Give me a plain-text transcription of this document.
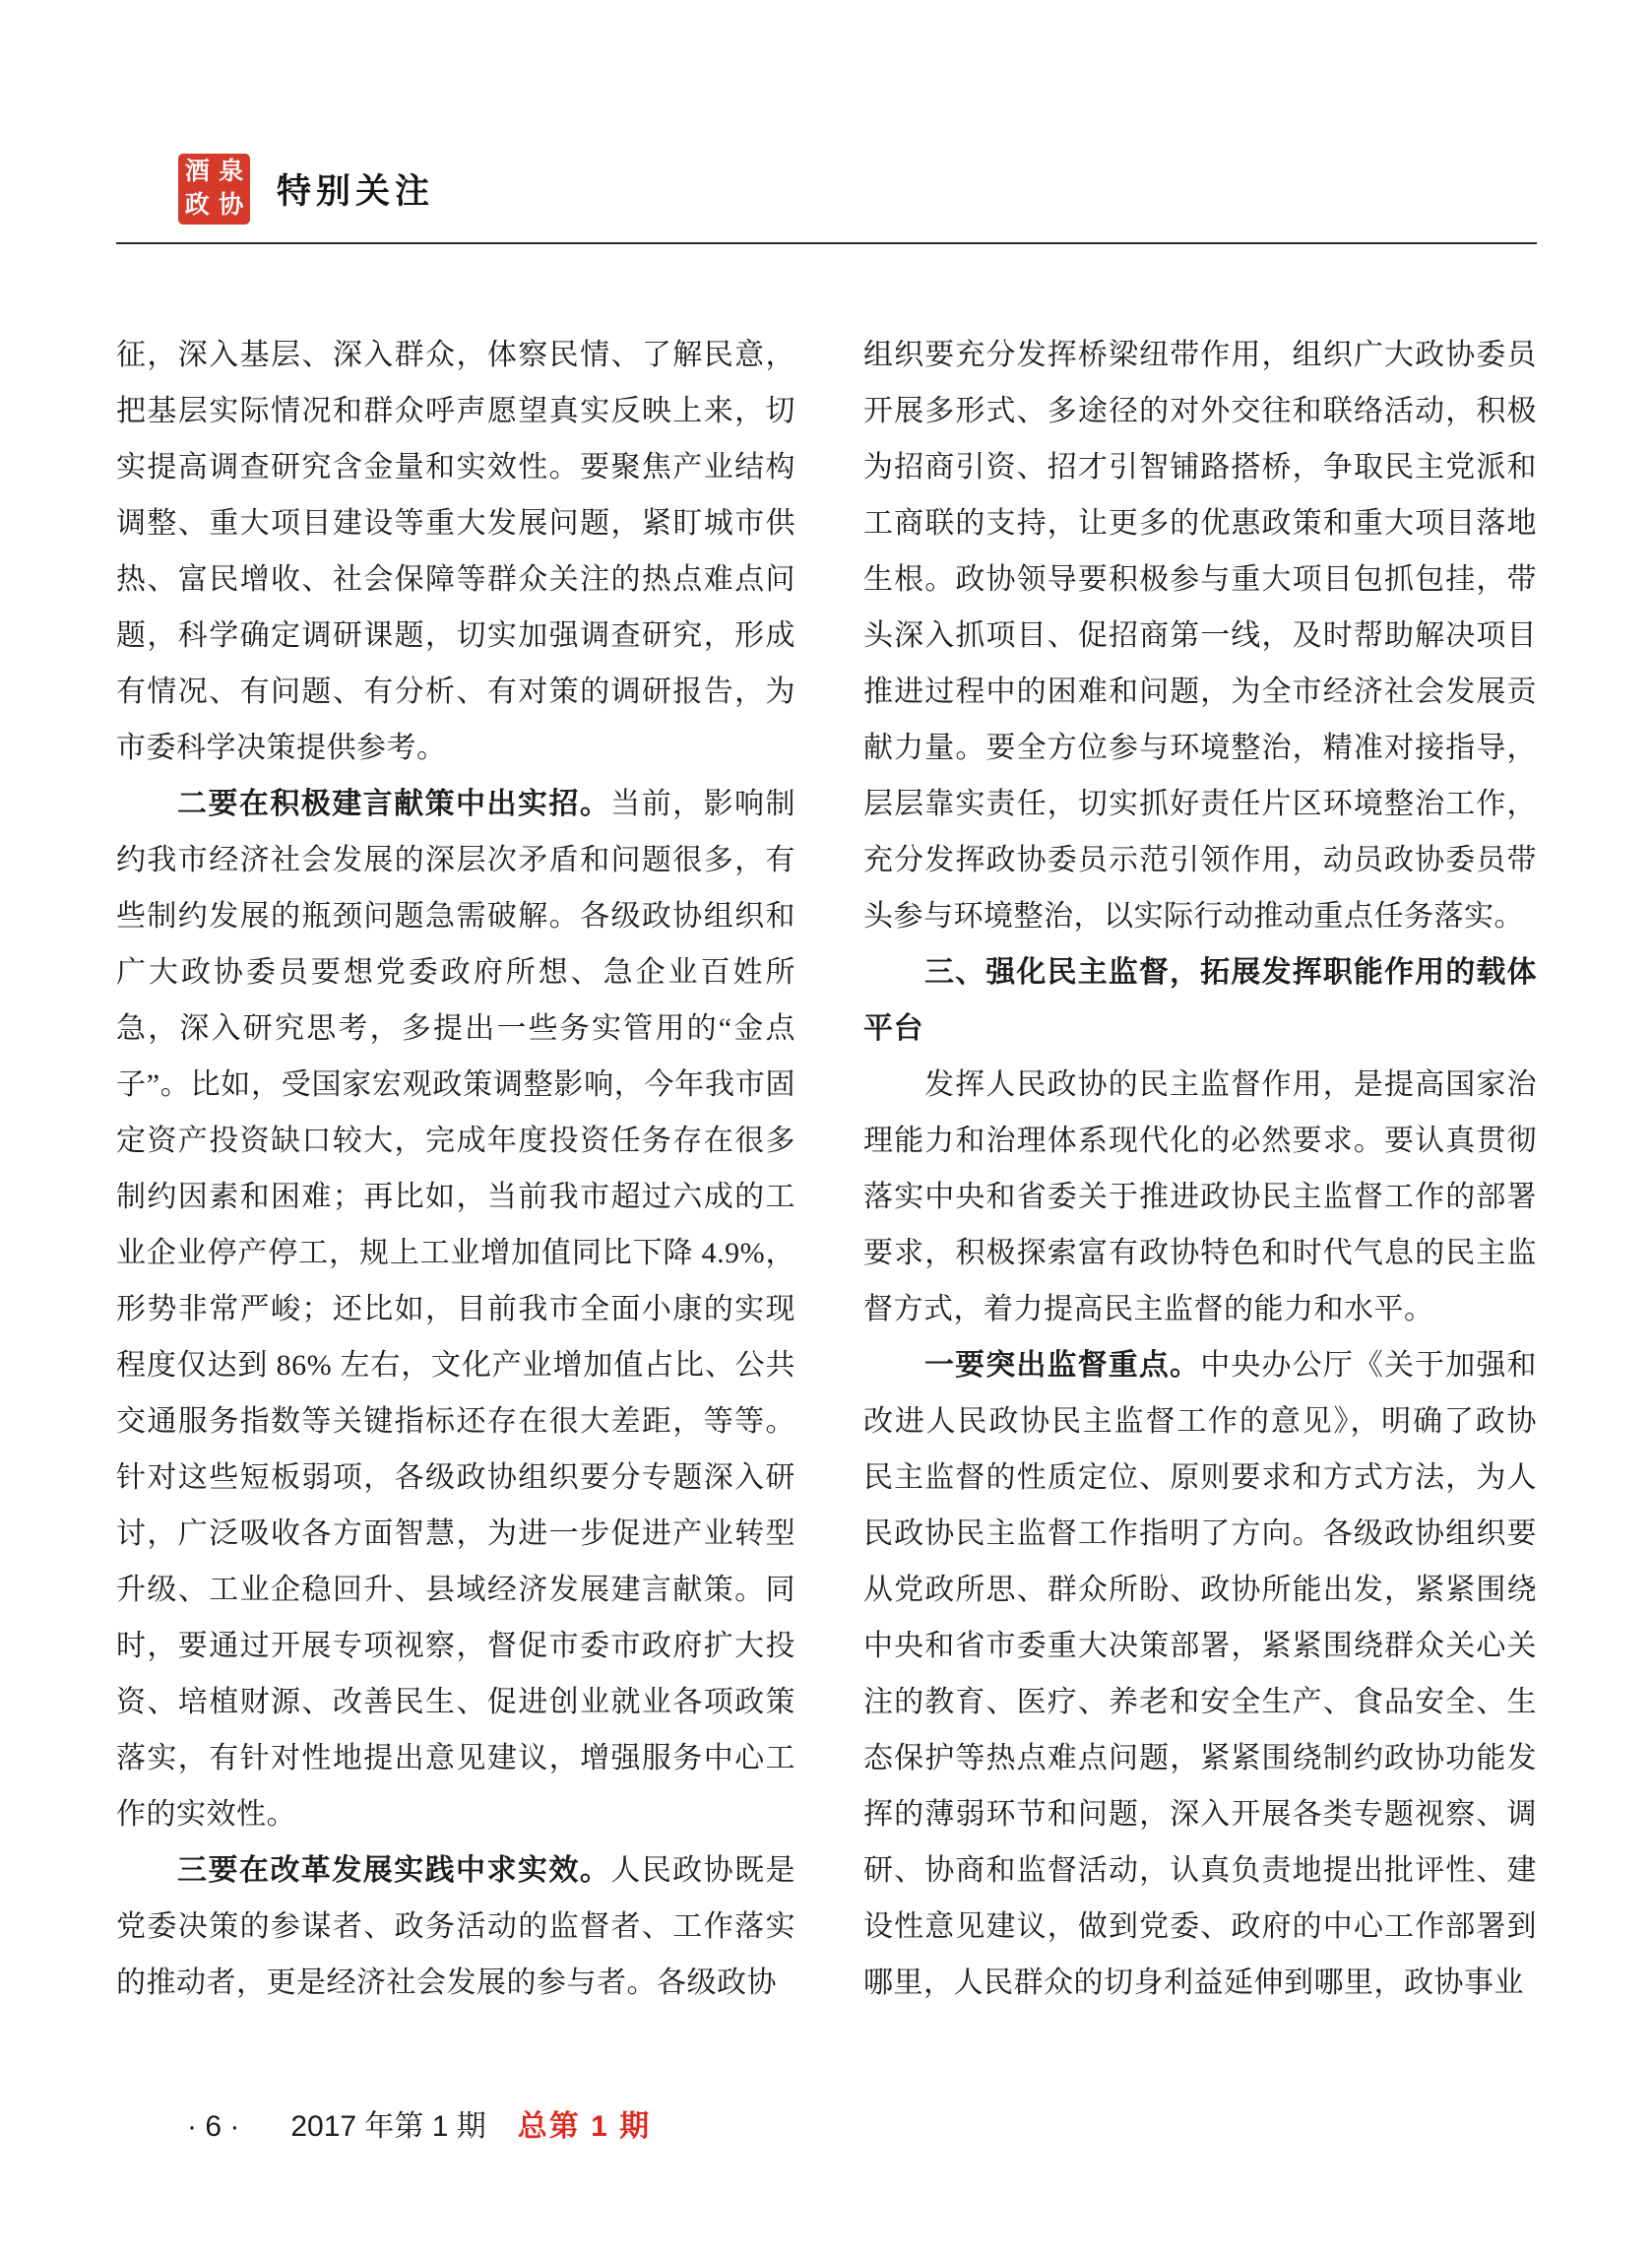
酒 泉
政 协 特别关注

征，深入基层、深入群众，体察民情、了解民意，把基层实际情况和群众呼声愿望真实反映上来，切实提高调查研究含金量和实效性。要聚焦产业结构调整、重大项目建设等重大发展问题，紧盯城市供热、富民增收、社会保障等群众关注的热点难点问题，科学确定调研课题，切实加强调查研究，形成有情况、有问题、有分析、有对策的调研报告，为市委科学决策提供参考。

二要在积极建言献策中出实招。当前，影响制约我市经济社会发展的深层次矛盾和问题很多，有些制约发展的瓶颈问题急需破解。各级政协组织和广大政协委员要想党委政府所想、急企业百姓所急，深入研究思考，多提出一些务实管用的“金点子”。比如，受国家宏观政策调整影响，今年我市固定资产投资缺口较大，完成年度投资任务存在很多制约因素和困难；再比如，当前我市超过六成的工业企业停产停工，规上工业增加值同比下降 4.9%，形势非常严峻；还比如，目前我市全面小康的实现程度仅达到 86% 左右，文化产业增加值占比、公共交通服务指数等关键指标还存在很大差距，等等。针对这些短板弱项，各级政协组织要分专题深入研讨，广泛吸收各方面智慧，为进一步促进产业转型升级、工业企稳回升、县域经济发展建言献策。同时，要通过开展专项视察，督促市委市政府扩大投资、培植财源、改善民生、促进创业就业各项政策落实，有针对性地提出意见建议，增强服务中心工作的实效性。

三要在改革发展实践中求实效。人民政协既是党委决策的参谋者、政务活动的监督者、工作落实的推动者，更是经济社会发展的参与者。各级政协

组织要充分发挥桥梁纽带作用，组织广大政协委员开展多形式、多途径的对外交往和联络活动，积极为招商引资、招才引智铺路搭桥，争取民主党派和工商联的支持，让更多的优惠政策和重大项目落地生根。政协领导要积极参与重大项目包抓包挂，带头深入抓项目、促招商第一线，及时帮助解决项目推进过程中的困难和问题，为全市经济社会发展贡献力量。要全方位参与环境整治，精准对接指导，层层靠实责任，切实抓好责任片区环境整治工作，充分发挥政协委员示范引领作用，动员政协委员带头参与环境整治，以实际行动推动重点任务落实。

三、强化民主监督，拓展发挥职能作用的载体平台

发挥人民政协的民主监督作用，是提高国家治理能力和治理体系现代化的必然要求。要认真贯彻落实中央和省委关于推进政协民主监督工作的部署要求，积极探索富有政协特色和时代气息的民主监督方式，着力提高民主监督的能力和水平。

一要突出监督重点。中央办公厅《关于加强和改进人民政协民主监督工作的意见》，明确了政协民主监督的性质定位、原则要求和方式方法，为人民政协民主监督工作指明了方向。各级政协组织要从党政所思、群众所盼、政协所能出发，紧紧围绕中央和省市委重大决策部署，紧紧围绕群众关心关注的教育、医疗、养老和安全生产、食品安全、生态保护等热点难点问题，紧紧围绕制约政协功能发挥的薄弱环节和问题，深入开展各类专题视察、调研、协商和监督活动，认真负责地提出批评性、建设性意见建议，做到党委、政府的中心工作部署到哪里，人民群众的切身利益延伸到哪里，政协事业

· 6 · 2017 年第 1 期 总第 1 期
